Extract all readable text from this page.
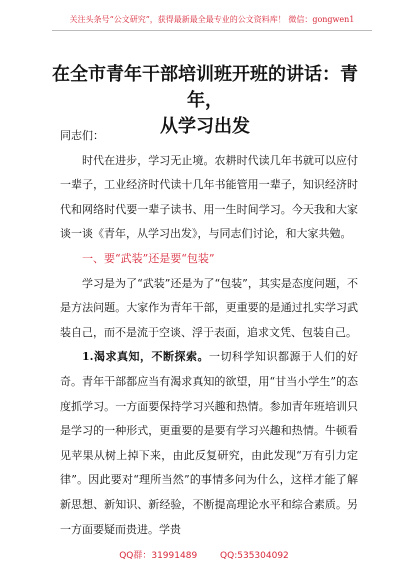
关注头条号“公文研究”，获得最新最全最专业的公文资料库！ 微信：gongwen1
在全市青年干部培训班开班的讲话：青年，
从学习出发

同志们：

时代在进步，学习无止境。农耕时代读几年书就可以应付一辈子，工业经济时代读十几年书能管用一辈子，知识经济时代和网络时代要一辈子读书、用一生时间学习。今天我和大家谈一谈《青年，从学习出发》，与同志们讨论，和大家共勉。

一、要“武装”还是要“包装”

学习是为了“武装”还是为了“包装”，其实是态度问题，不是方法问题。大家作为青年干部，更重要的是通过扎实学习武装自己，而不是流于空谈、浮于表面，追求文凭、包装自己。

1.渴求真知，不断探索。一切科学知识都源于人们的好奇。青年干部都应当有渴求真知的欲望，用“甘当小学生”的态度抓学习。一方面要保持学习兴趣和热情。参加青年班培训只是学习的一种形式，更重要的是要有学习兴趣和热情。牛顿看见苹果从树上掉下来，由此反复研究，由此发现“万有引力定律”。因此要对“理所当然”的事情多问为什么，这样才能了解新思想、新知识、新经验，不断提高理论水平和综合素质。另一方面要疑而贵进。学贵

QQ群：31991489	QQ:535304092
